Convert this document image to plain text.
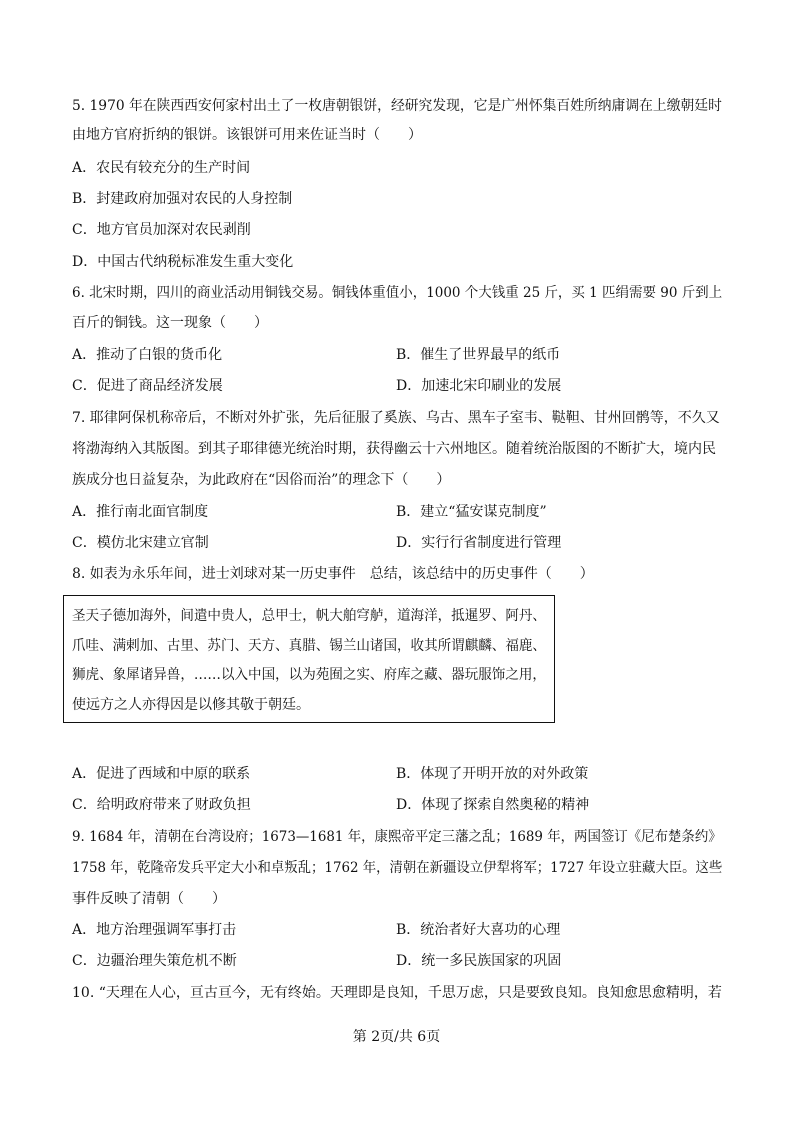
5. 1970 年在陕西西安何家村出土了一枚唐朝银饼，经研究发现，它是广州怀集百姓所纳庸调在上缴朝廷时
由地方官府折纳的银饼。该银饼可用来佐证当时（　　）
A．农民有较充分的生产时间
B．封建政府加强对农民的人身控制
C．地方官员加深对农民剥削
D．中国古代纳税标准发生重大变化
6. 北宋时期，四川的商业活动用铜钱交易。铜钱体重值小，1000 个大钱重 25 斤，买 1 匹绢需要 90 斤到上
百斤的铜钱。这一现象（　　）
A．推动了白银的货币化	B．催生了世界最早的纸币
C．促进了商品经济发展	D．加速北宋印刷业的发展
7. 耶律阿保机称帝后，不断对外扩张，先后征服了奚族、乌古、黑车子室韦、鞑靼、甘州回鹘等，不久又
将渤海纳入其版图。到其子耶律德光统治时期，获得幽云十六州地区。随着统治版图的不断扩大，境内民
族成分也日益复杂，为此政府在“因俗而治”的理念下（　　）
A．推行南北面官制度	B．建立“猛安谋克制度”
C．模仿北宋建立官制	D．实行行省制度进行管理
8. 如表为永乐年间，进士刘球对某一历史事件　总结，该总结中的历史事件（　　）
圣天子德加海外，间遣中贵人，总甲士，帆大舶穹舻，道海洋，抵暹罗、阿丹、
爪哇、满剌加、古里、苏门、天方、真腊、锡兰山诸国，收其所谓麒麟、福鹿、
狮虎、象犀诸异兽，……以入中国，以为苑囿之实、府库之藏、器玩服饰之用，
使远方之人亦得因是以修其敬于朝廷。
A．促进了西域和中原的联系	B．体现了开明开放的对外政策
C．给明政府带来了财政负担	D．体现了探索自然奥秘的精神
9. 1684 年，清朝在台湾设府；1673—1681 年，康熙帝平定三藩之乱；1689 年，两国签订《尼布楚条约》
1758 年，乾隆帝发兵平定大小和卓叛乱；1762 年，清朝在新疆设立伊犁将军；1727 年设立驻藏大臣。这些
事件反映了清朝（　　）
A．地方治理强调军事打击	B．统治者好大喜功的心理
C．边疆治理失策危机不断	D．统一多民族国家的巩固
10. “天理在人心，亘古亘今，无有终始。天理即是良知，千思万虑，只是要致良知。良知愈思愈精明，若
第 2页/共 6页
